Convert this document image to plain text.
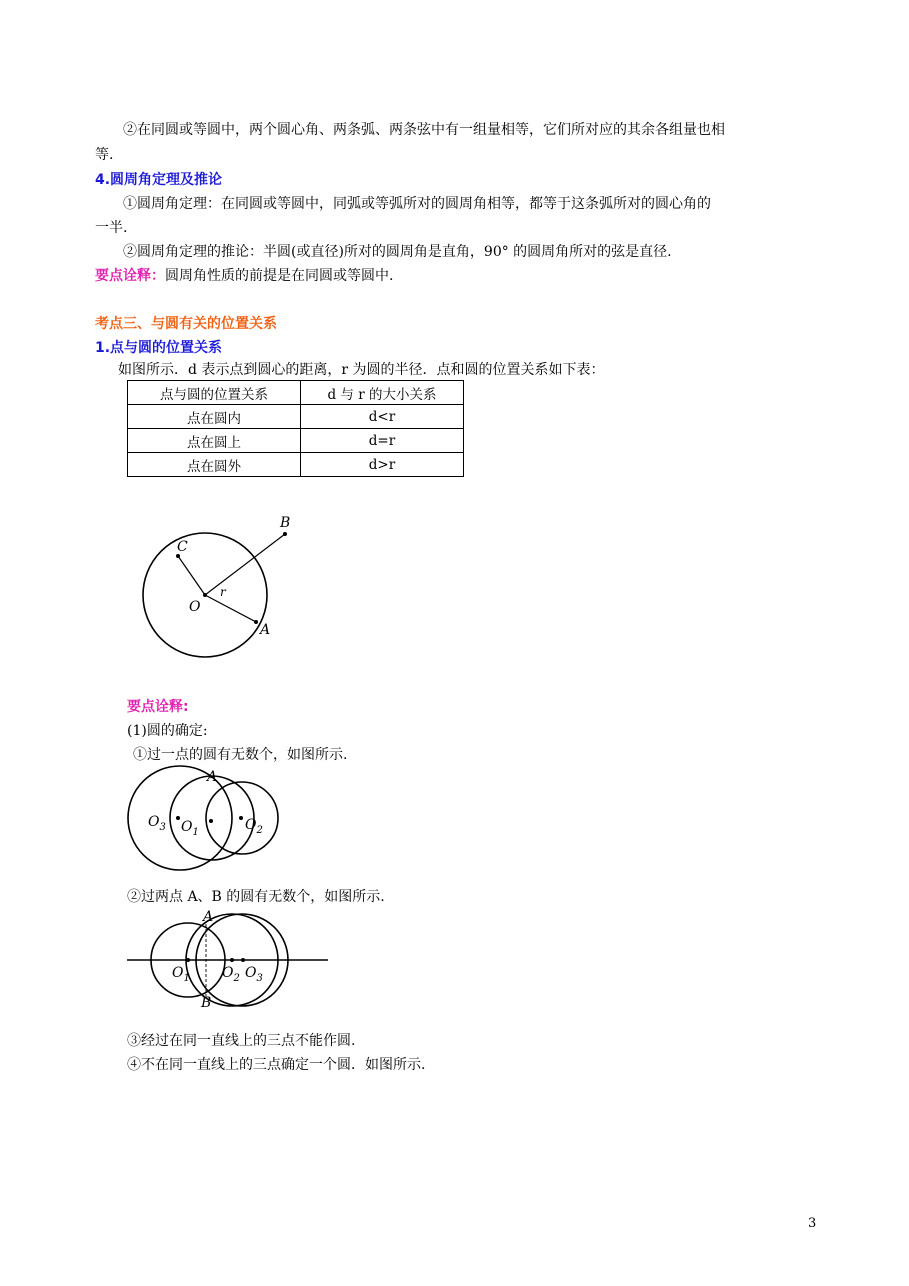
②在同圆或等圆中，两个圆心角、两条弧、两条弦中有一组量相等，它们所对应的其余各组量也相
等.
4.圆周角定理及推论
①圆周角定理：在同圆或等圆中，同弧或等弧所对的圆周角相等，都等于这条弧所对的圆心角的
一半.
②圆周角定理的推论：半圆(或直径)所对的圆周角是直角，90° 的圆周角所对的弦是直径.
要点诠释：圆周角性质的前提是在同圆或等圆中.
考点三、与圆有关的位置关系
1.点与圆的位置关系
如图所示．d 表示点到圆心的距离，r 为圆的半径．点和圆的位置关系如下表：
点与圆的位置关系	d 与 r 的大小关系
点在圆内	d<r
点在圆上	d=r
点在圆外	d>r
B
C
O
r
A
A
$O_3$ $O_1$	$O_2$
A
B
$O_1$ $O_2$ $O_3$
要点诠释:
(1)圆的确定:
①过一点的圆有无数个，如图所示.
②过两点 A、B 的圆有无数个，如图所示.
③经过在同一直线上的三点不能作圆.
④不在同一直线上的三点确定一个圆．如图所示.
3
